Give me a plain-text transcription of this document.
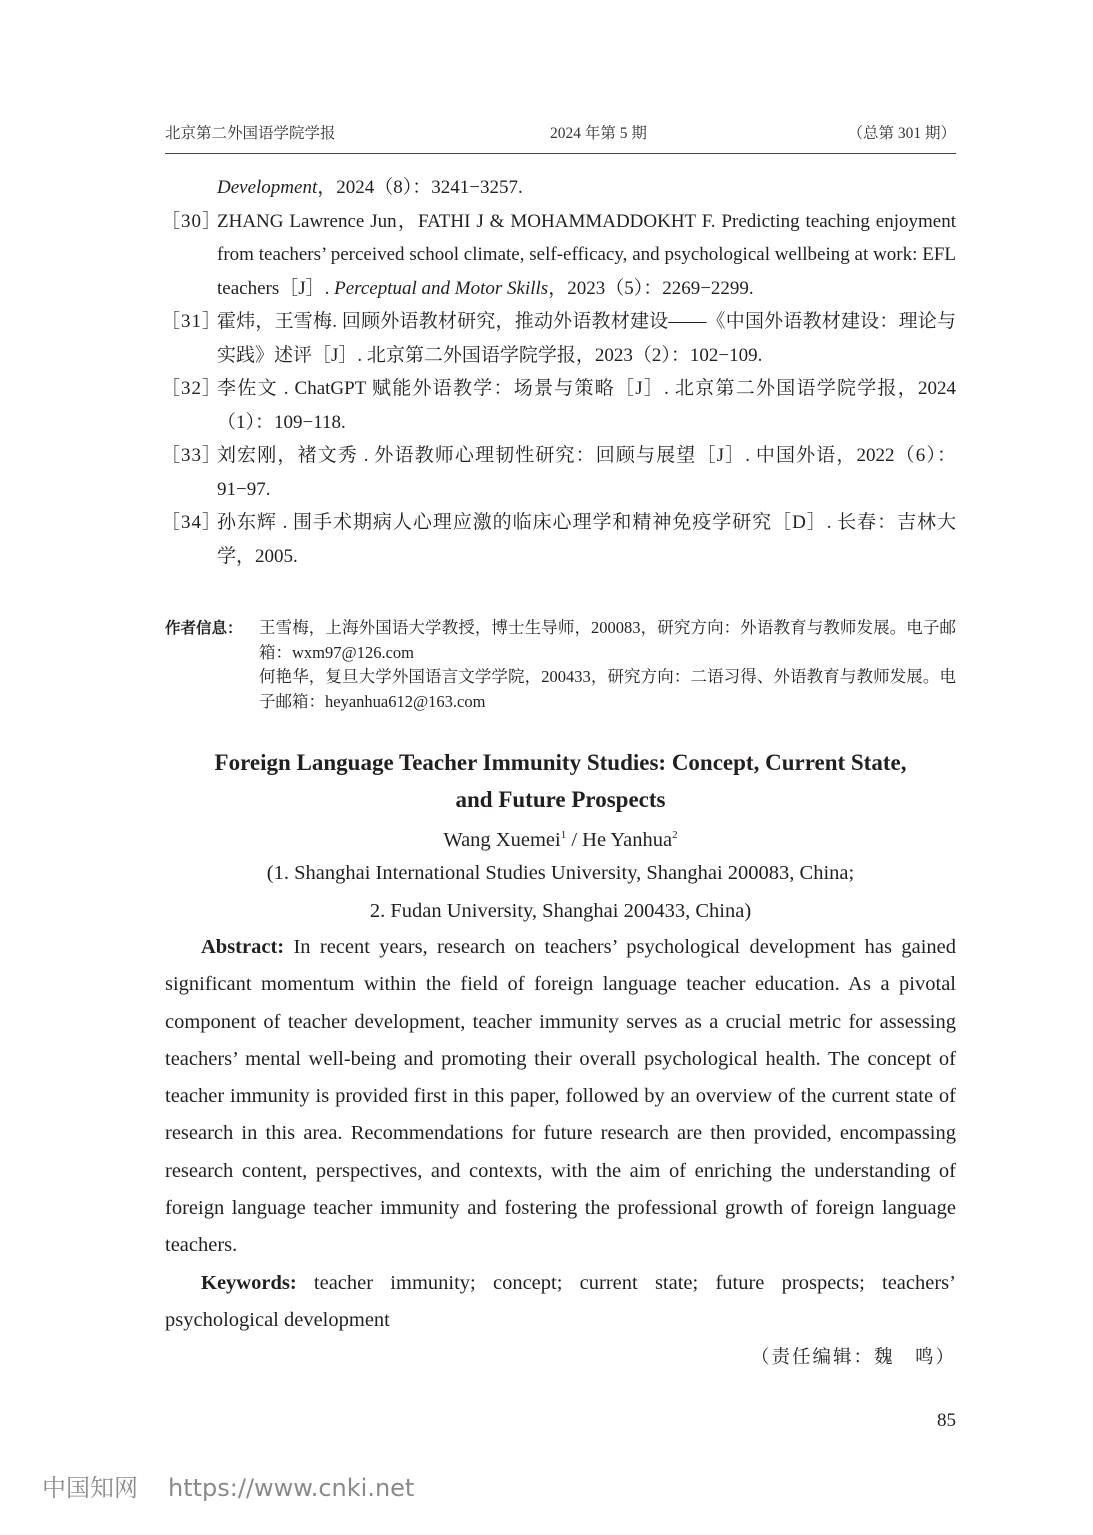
北京第二外国语学院学报	2024 年第 5 期	（总第 301 期）
Development，2024（8）：3241−3257.
［30］
ZHANG Lawrence Jun，FATHI J & MOHAMMADDOKHT F. Predicting teaching enjoyment from teachers’ perceived school climate, self-efficacy, and psychological wellbeing at work: EFL teachers［J］. Perceptual and Motor Skills，2023（5）：2269−2299.
［31］
霍炜，王雪梅. 回顾外语教材研究，推动外语教材建设——《中国外语教材建设：理论与实践》述评［J］. 北京第二外国语学院学报，2023（2）：102−109.
［32］
李佐文 . ChatGPT 赋能外语教学：场景与策略［J］. 北京第二外国语学院学报，2024（1）：109−118.
［33］
刘宏刚，褚文秀 . 外语教师心理韧性研究：回顾与展望［J］. 中国外语，2022（6）：91−97.
［34］
孙东辉 . 围手术期病人心理应激的临床心理学和精神免疫学研究［D］. 长春：吉林大学，2005.
作者信息： 王雪梅，上海外国语大学教授，博士生导师，200083，研究方向：外语教育与教师发展。电子邮箱：wxm97@126.com
何艳华，复旦大学外国语言文学学院，200433，研究方向：二语习得、外语教育与教师发展。电子邮箱：heyanhua612@163.com
Foreign Language Teacher Immunity Studies: Concept, Current State,
and Future Prospects
Wang Xuemei$^1$ / He Yanhua$^2$
(1. Shanghai International Studies University, Shanghai 200083, China;
2. Fudan University, Shanghai 200433, China)
Abstract: In recent years, research on teachers’ psychological development has gained significant momentum within the field of foreign language teacher education. As a pivotal component of teacher development, teacher immunity serves as a crucial metric for assessing teachers’ mental well-being and promoting their overall psychological health. The concept of teacher immunity is provided first in this paper, followed by an overview of the current state of research in this area. Recommendations for future research are then provided, encompassing research content, perspectives, and contexts, with the aim of enriching the understanding of foreign language teacher immunity and fostering the professional growth of foreign language teachers.
Keywords: teacher immunity; concept; current state; future prospects; teachers’ psychological development
（责任编辑：魏　鸣）
85
中国知网 https://www.cnki.net
